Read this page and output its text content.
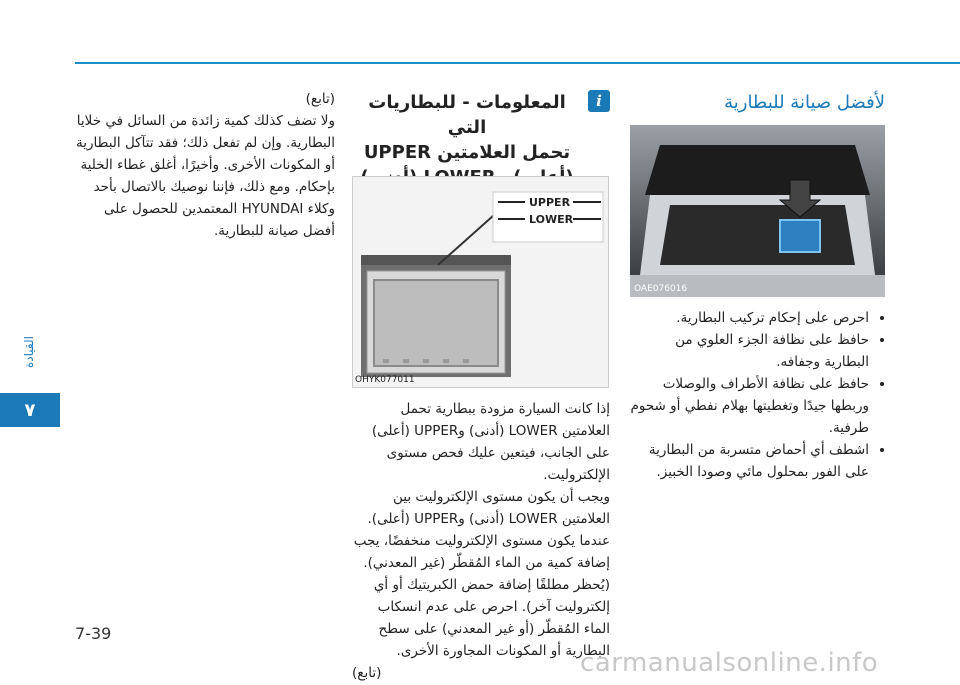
القيادة
٧

(تابع)

ولا تضف كذلك كمية زائدة من السائل في خلايا البطارية. وإن لم تفعل ذلك؛ فقد تتآكل البطارية أو المكونات الأخرى. وأخيرًا، أغلق غطاء الخلية بإحكام. ومع ذلك، فإننا نوصيك بالاتصال بأحد وكلاء HYUNDAI المعتمدين للحصول على أفضل صيانة للبطارية.

i

المعلومات - للبطاريات التي

تحمل العلامتين UPPER

UPPER
LOWER
OHYK077011

إذا كانت السيارة مزودة ببطارية تحمل العلامتين LOWER (أدنى) وUPPER (أعلى) على الجانب، فيتعين عليك فحص مستوى الإلكتروليت.

ويجب أن يكون مستوى الإلكتروليت بين العلامتين LOWER (أدنى) وUPPER (أعلى). عندما يكون مستوى الإلكتروليت منخفضًا، يجب إضافة كمية من الماء المُقطّر (غير المعدني). (يُحظر مطلقًا إضافة حمض الكبريتيك أو أي إلكتروليت آخر). احرص على عدم انسكاب الماء المُقطّر (أو غير المعدني) على سطح البطارية أو المكونات المجاورة الأخرى.

(تابع)

لأفضل صيانة للبطارية

OAE076016
• احرص على إحكام تركيب البطارية.
• حافظ على نظافة الجزء العلوي من البطارية وجفافه.
• حافظ على نظافة الأطراف والوصلات وربطها جيدًا وتغطيتها بهلام نفطي أو شحوم طرفية.
• اشطف أي أحماض متسربة من البطارية على الفور بمحلول مائي وصودا الخبيز.
7-39
carmanualsonline.info
